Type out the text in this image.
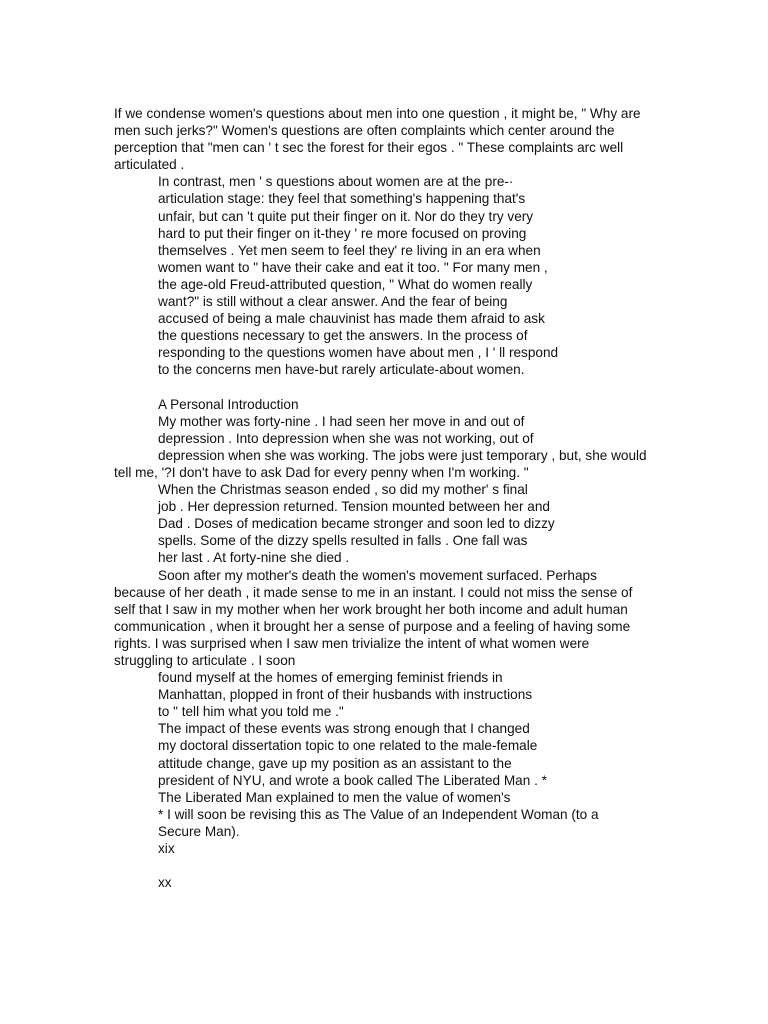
If we condense women's questions about men into one question , it might be, " Why are
men such jerks?" Women's questions are often complaints which center around the
perception that "men can ' t sec the forest for their egos . " These complaints arc well
articulated .
In contrast, men ' s questions about women are at the pre-·
articulation stage: they feel that something's happening that's
unfair, but can 't quite put their finger on it. Nor do they try very
hard to put their finger on it-they ' re more focused on proving
themselves . Yet men seem to feel they' re living in an era when
women want to " have their cake and eat it too. " For many men ,
the age-old Freud-attributed question, " What do women really
want?" is still without a clear answer. And the fear of being
accused of being a male chauvinist has made them afraid to ask
the questions necessary to get the answers. In the process of
responding to the questions women have about men , I ' ll respond
to the concerns men have-but rarely articulate-about women.
A Personal Introduction
My mother was forty-nine . I had seen her move in and out of
depression . Into depression when she was not working, out of
depression when she was working. The jobs were just temporary , but, she would
tell me, '?I don't have to ask Dad for every penny when I'm working. "
When the Christmas season ended , so did my mother' s final
job . Her depression returned. Tension mounted between her and
Dad . Doses of medication became stronger and soon led to dizzy
spells. Some of the dizzy spells resulted in falls . One fall was
her last . At forty-nine she died .
Soon after my mother's death the women's movement surfaced. Perhaps
because of her death , it made sense to me in an instant. I could not miss the sense of
self that I saw in my mother when her work brought her both income and adult human
communication , when it brought her a sense of purpose and a feeling of having some
rights. I was surprised when I saw men trivialize the intent of what women were
struggling to articulate . I soon
found myself at the homes of emerging feminist friends in
Manhattan, plopped in front of their husbands with instructions
to " tell him what you told me ."
The impact of these events was strong enough that I changed
my doctoral dissertation topic to one related to the male-female
attitude change, gave up my position as an assistant to the
president of NYU, and wrote a book called The Liberated Man . *
The Liberated Man explained to men the value of women's
* I will soon be revising this as The Value of an Independent Woman (to a
Secure Man).
xix
xx
